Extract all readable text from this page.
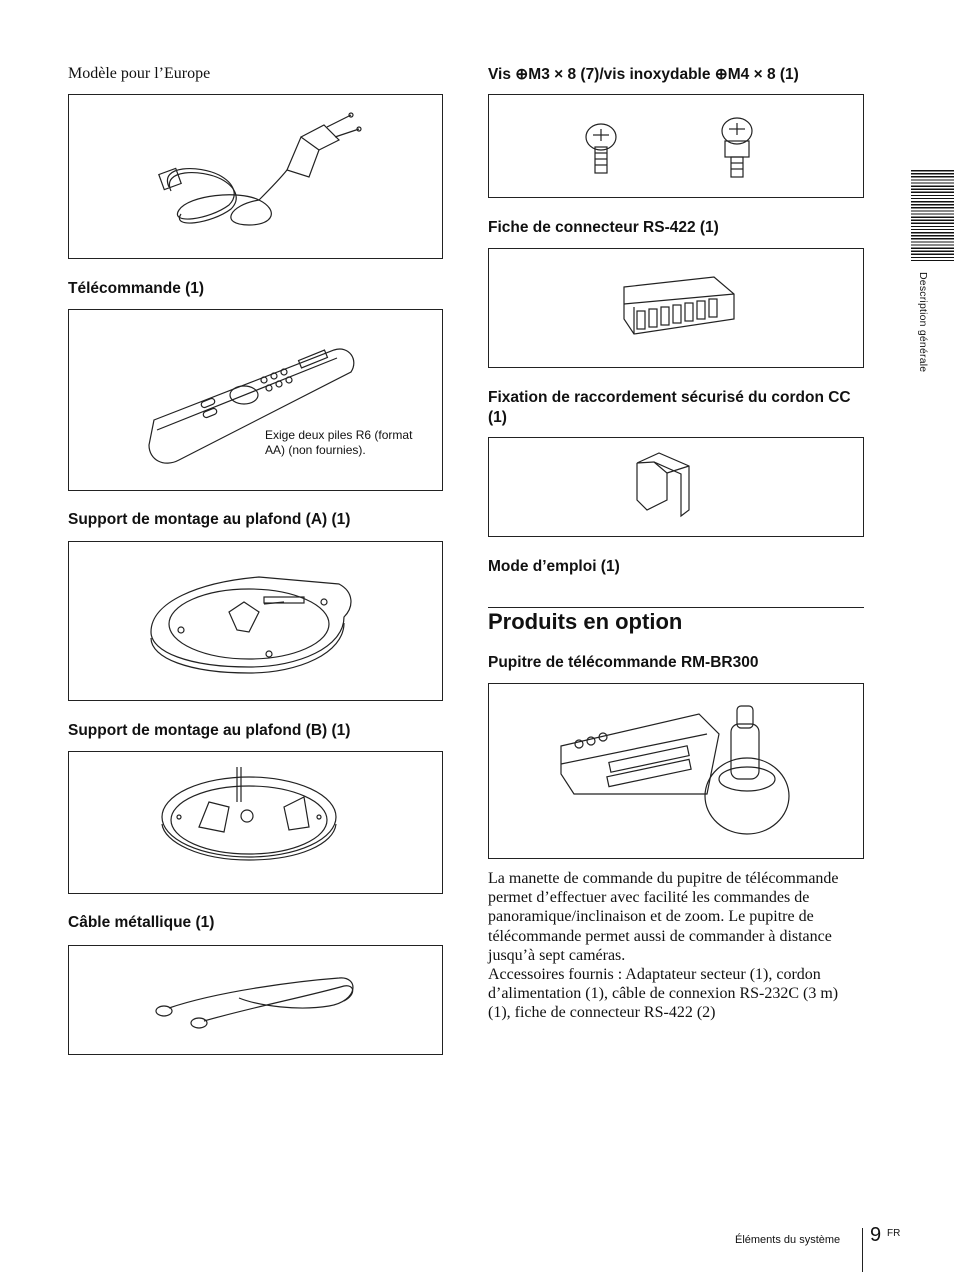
Modèle pour l’Europe
Télécommande (1)
Exige deux piles R6 (format AA) (non fournies).
Support de montage au plafond (A) (1)
Support de montage au plafond (B) (1)
Câble métallique (1)
Vis ⊕M3 × 8 (7)/vis inoxydable ⊕M4 × 8 (1)
Fiche de connecteur RS-422 (1)
Fixation de raccordement sécurisé du cordon CC (1)
Mode d’emploi (1)
Produits en option
Pupitre de télécommande RM-BR300
La manette de commande du pupitre de télécommande permet d’effectuer avec facilité les commandes de panoramique/inclinaison et de zoom. Le pupitre de télécommande permet aussi de commander à distance jusqu’à sept caméras.
Accessoires fournis : Adaptateur secteur (1), cordon d’alimentation (1), câble de connexion RS-232C (3 m) (1), fiche de connecteur RS-422 (2)
Description générale
Éléments du système 9 FR
